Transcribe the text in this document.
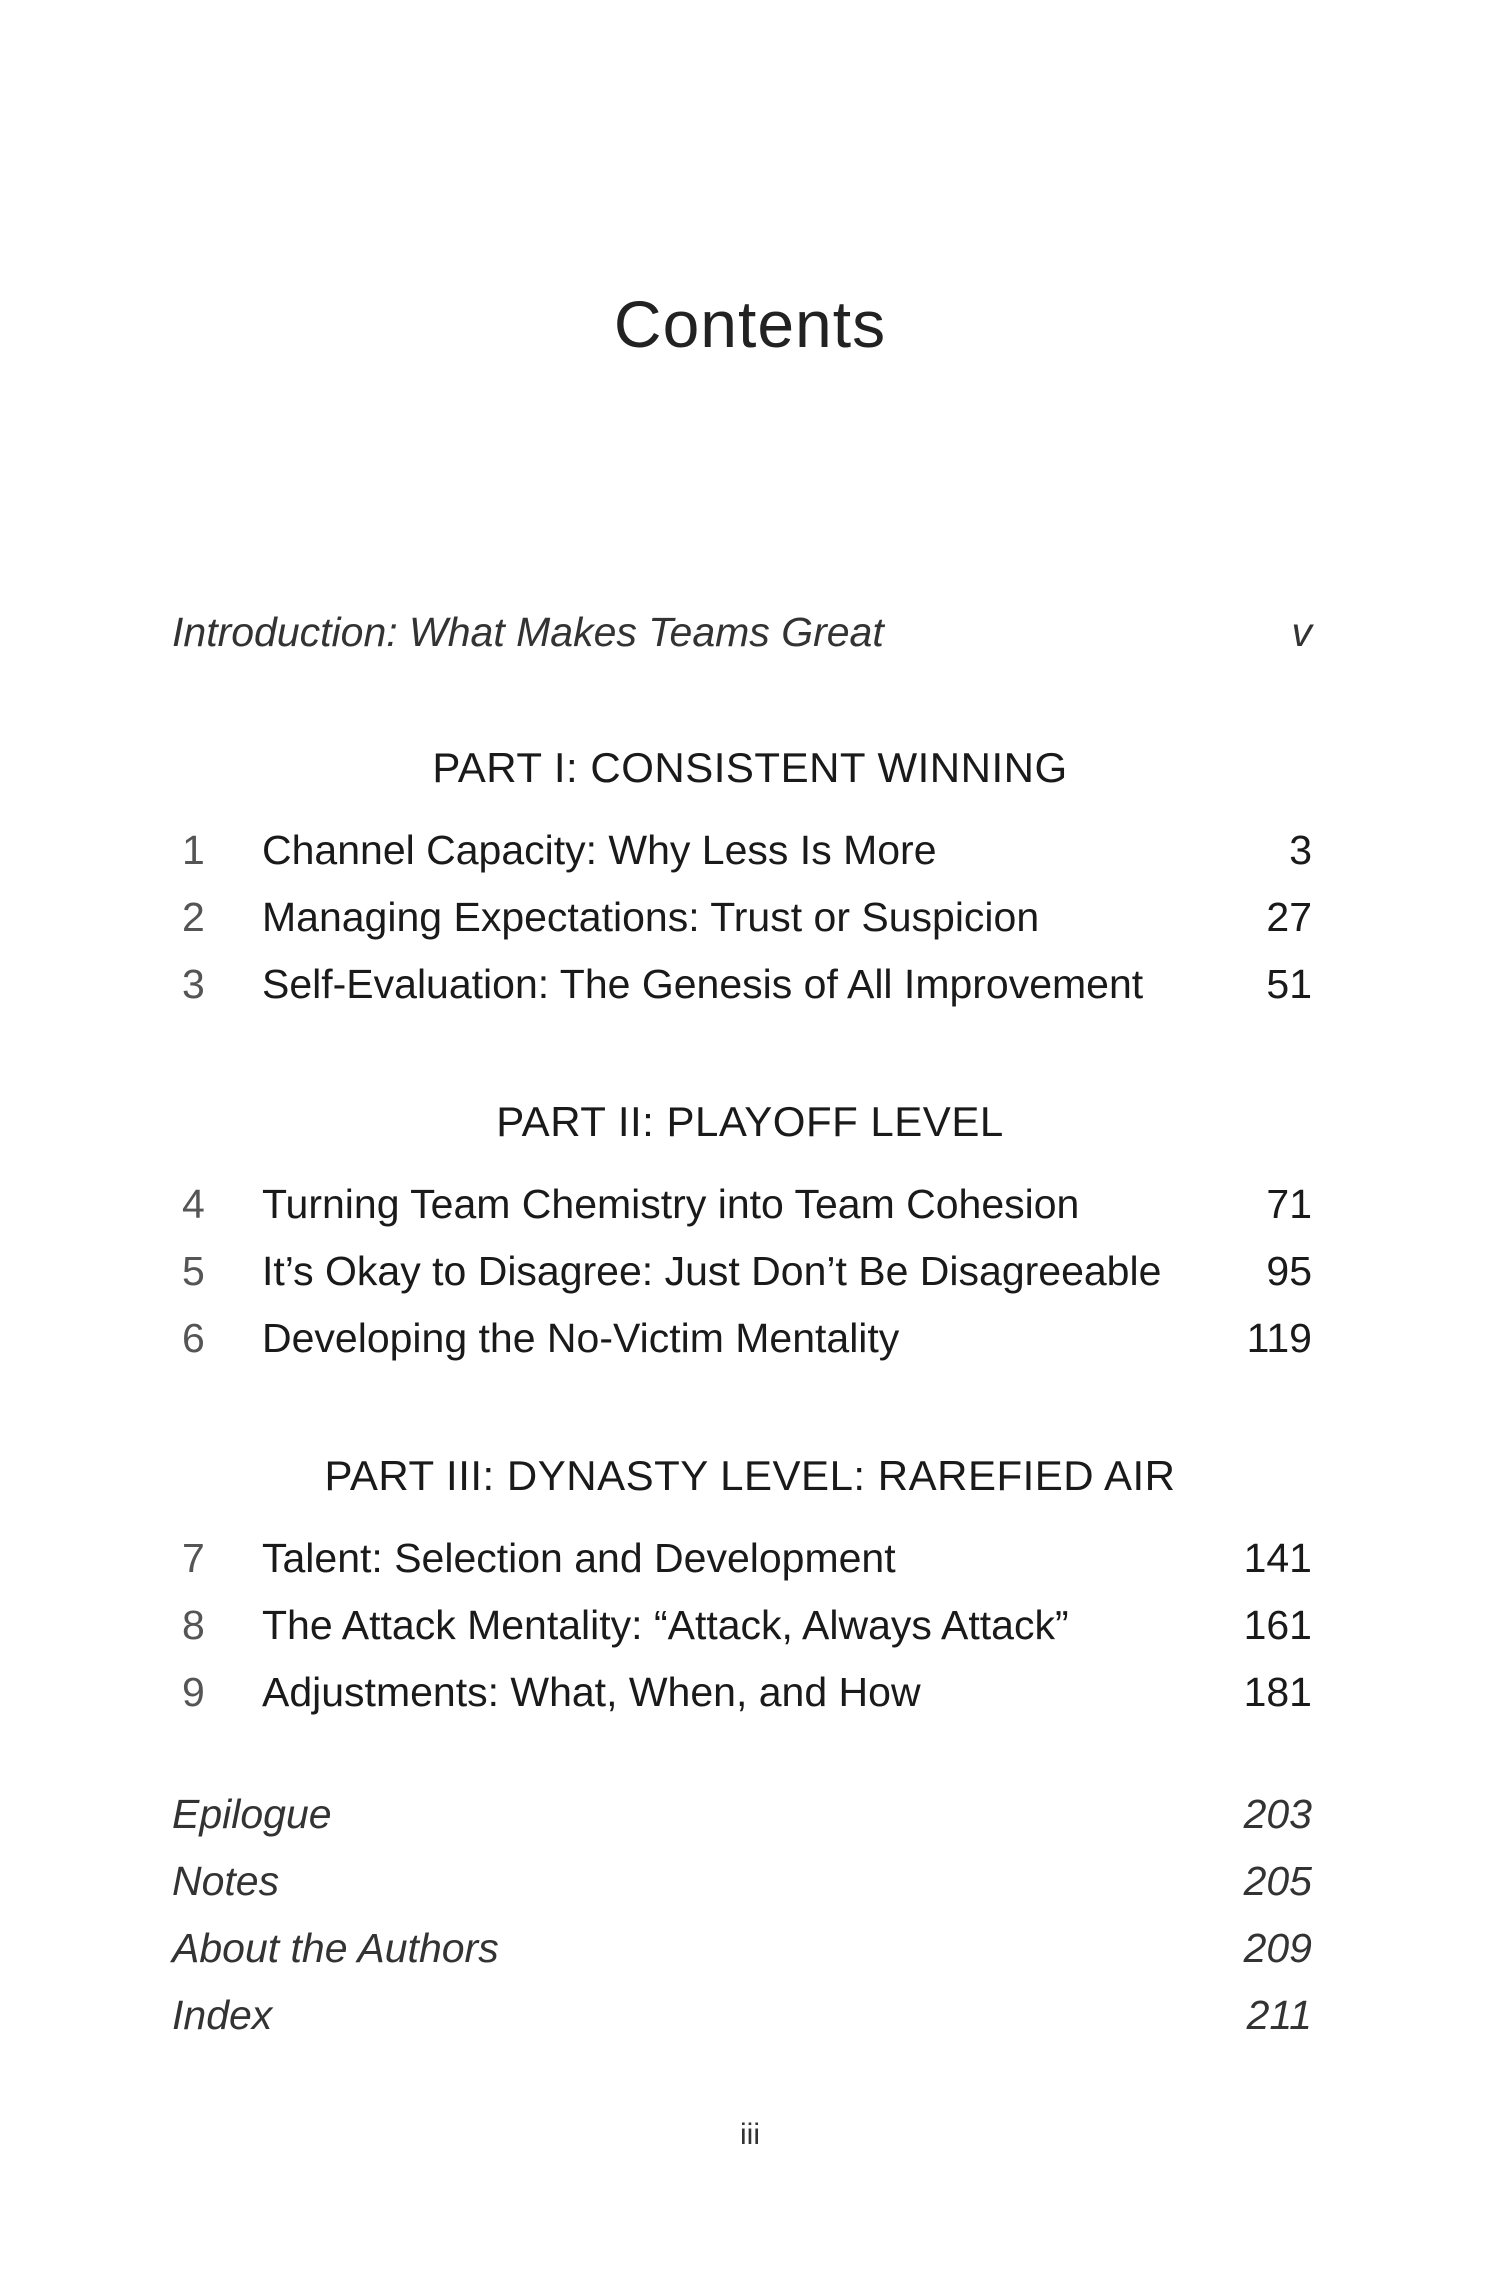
Contents
Introduction: What Makes Teams Great	v
PART I: CONSISTENT WINNING
1	Channel Capacity: Why Less Is More	3
2	Managing Expectations: Trust or Suspicion	27
3	Self-Evaluation: The Genesis of All Improvement	51
PART II: PLAYOFF LEVEL
4	Turning Team Chemistry into Team Cohesion	71
5	It’s Okay to Disagree: Just Don’t Be Disagreeable	95
6	Developing the No-Victim Mentality	119
PART III: DYNASTY LEVEL: RAREFIED AIR
7	Talent: Selection and Development	141
8	The Attack Mentality: “Attack, Always Attack”	161
9	Adjustments: What, When, and How	181
Epilogue	203
Notes	205
About the Authors	209
Index	211
iii
